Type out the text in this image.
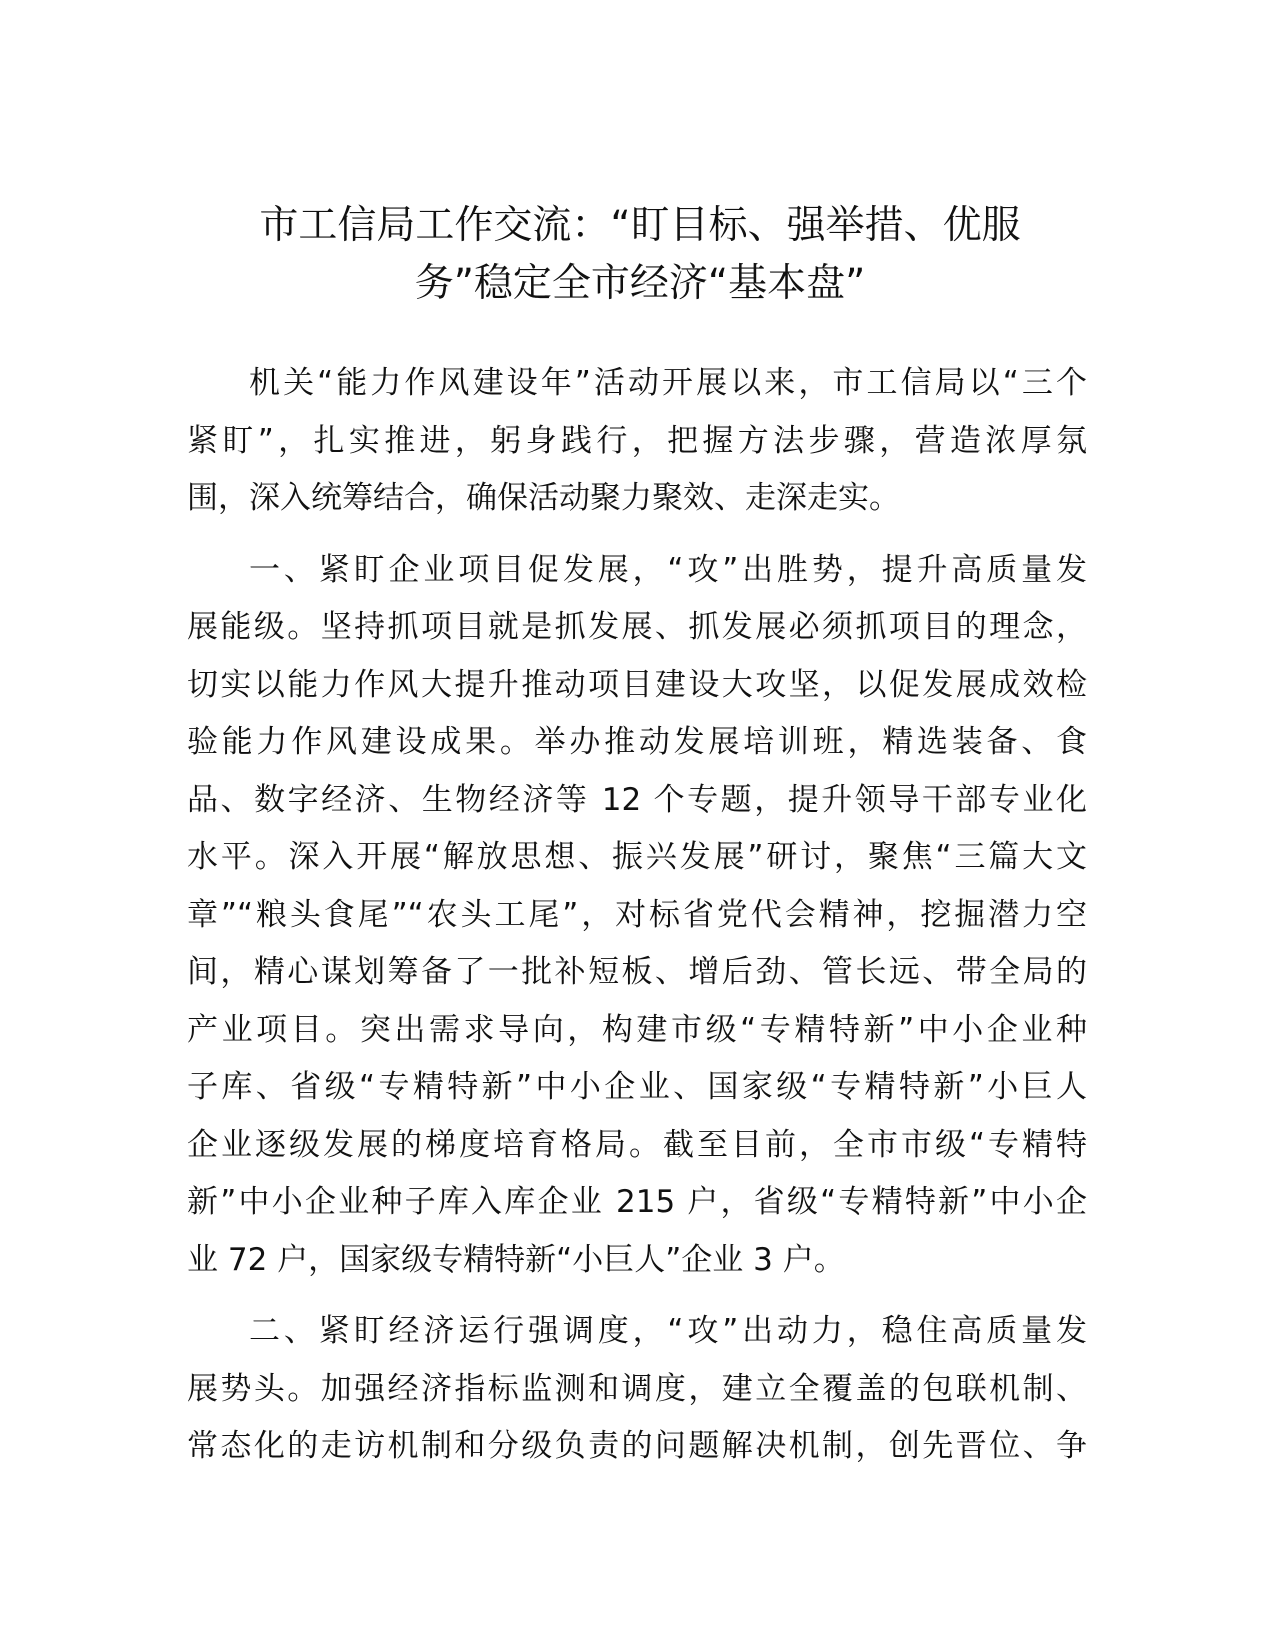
市工信局工作交流：“盯目标、强举措、优服
务”稳定全市经济“基本盘”

机关“能力作风建设年”活动开展以来，市工信局以“三个
紧盯”，扎实推进，躬身践行，把握方法步骤，营造浓厚氛
围，深入统筹结合，确保活动聚力聚效、走深走实。

一、紧盯企业项目促发展，“攻”出胜势，提升高质量发
展能级。坚持抓项目就是抓发展、抓发展必须抓项目的理念，
切实以能力作风大提升推动项目建设大攻坚，以促发展成效检
验能力作风建设成果。举办推动发展培训班，精选装备、食
品、数字经济、生物经济等 12 个专题，提升领导干部专业化
水平。深入开展“解放思想、振兴发展”研讨，聚焦“三篇大文
章”“粮头食尾”“农头工尾”，对标省党代会精神，挖掘潜力空
间，精心谋划筹备了一批补短板、增后劲、管长远、带全局的
产业项目。突出需求导向，构建市级“专精特新”中小企业种
子库、省级“专精特新”中小企业、国家级“专精特新”小巨人
企业逐级发展的梯度培育格局。截至目前，全市市级“专精特
新”中小企业种子库入库企业 215 户，省级“专精特新”中小企
业 72 户，国家级专精特新“小巨人”企业 3 户。

二、紧盯经济运行强调度，“攻”出动力，稳住高质量发
展势头。加强经济指标监测和调度，建立全覆盖的包联机制、
常态化的走访机制和分级负责的问题解决机制，创先晋位、争
